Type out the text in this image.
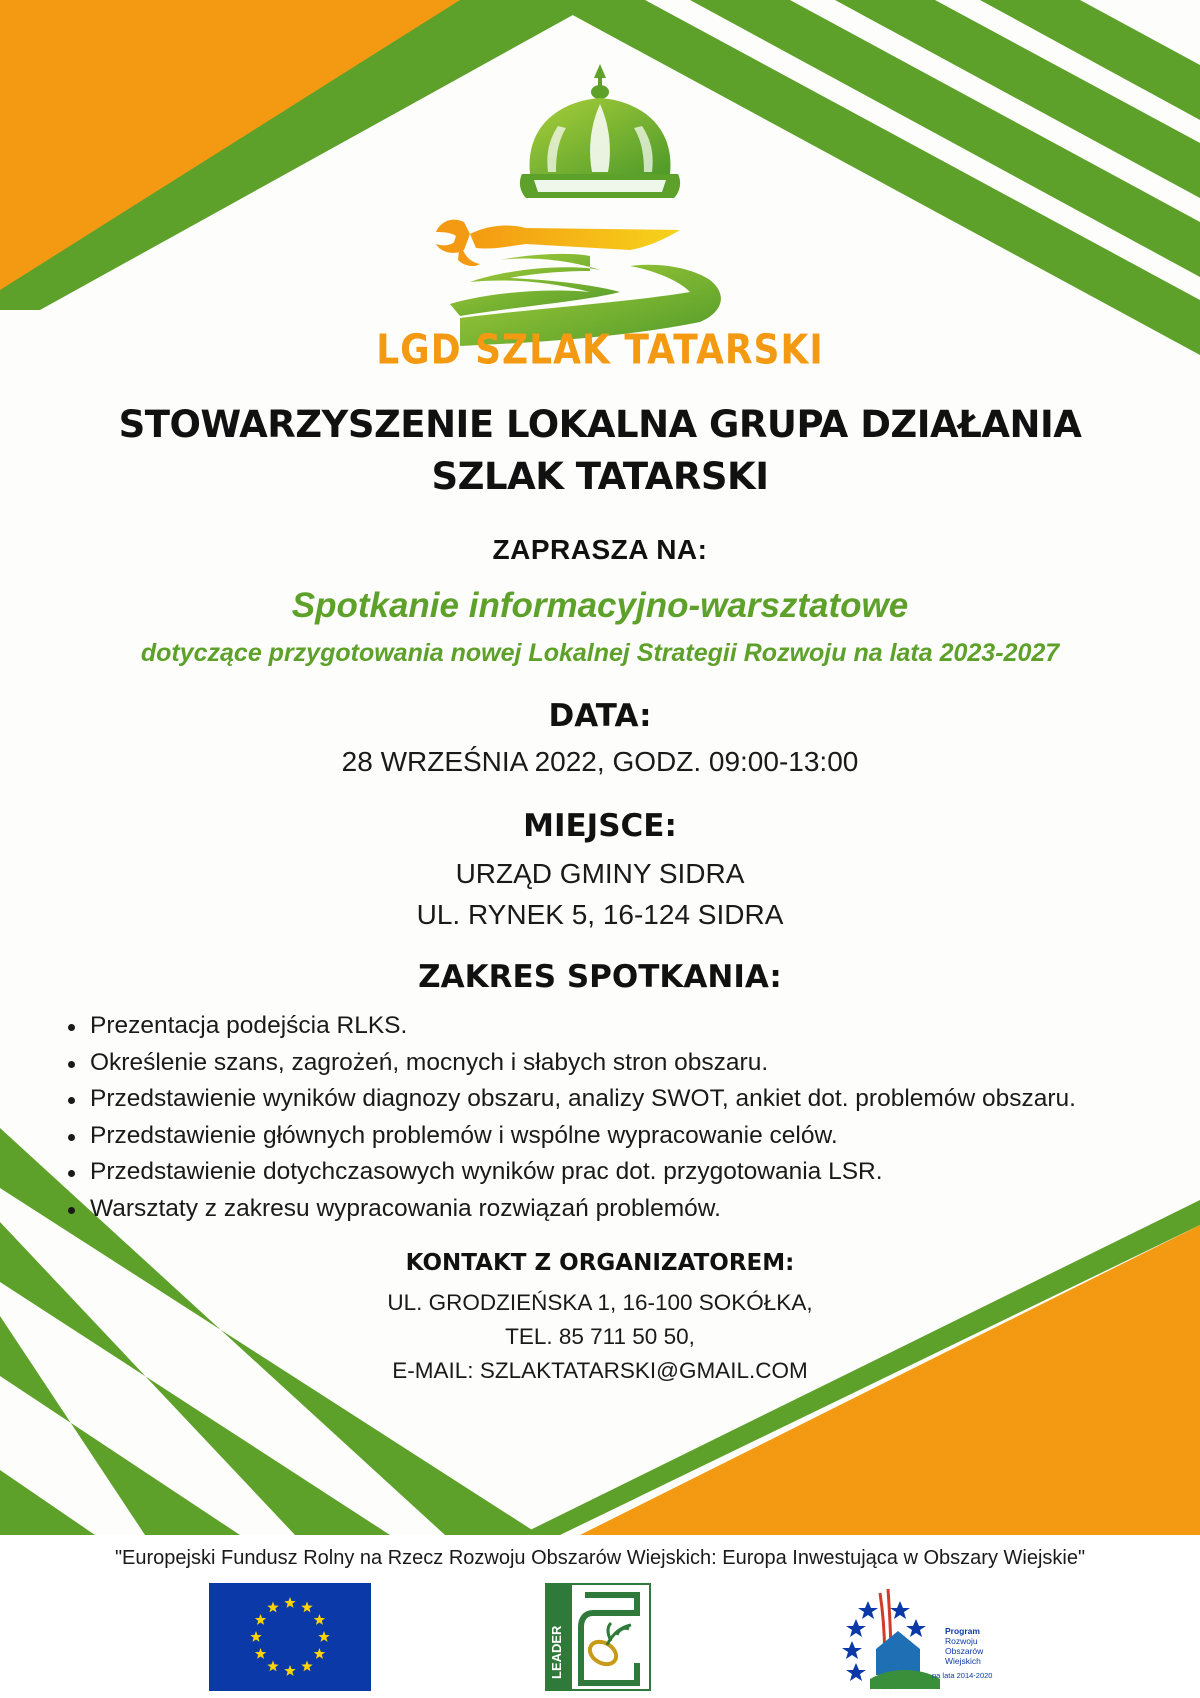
LGD SZLAK TATARSKI
STOWARZYSZENIE LOKALNA GRUPA DZIAŁANIA
SZLAK TATARSKI
ZAPRASZA NA:
Spotkanie informacyjno-warsztatowe
dotyczące przygotowania nowej Lokalnej Strategii Rozwoju na lata 2023-2027
DATA:
28 WRZEŚNIA 2022, GODZ. 09:00-13:00
MIEJSCE:
URZĄD GMINY SIDRA
UL. RYNEK 5, 16-124 SIDRA
ZAKRES SPOTKANIA:
Prezentacja podejścia RLKS.
Określenie szans, zagrożeń, mocnych i słabych stron obszaru.
Przedstawienie wyników diagnozy obszaru, analizy SWOT, ankiet dot. problemów obszaru.
Przedstawienie głównych problemów i wspólne wypracowanie celów.
Przedstawienie dotychczasowych wyników prac dot. przygotowania LSR.
Warsztaty z zakresu wypracowania rozwiązań problemów.
KONTAKT Z ORGANIZATOREM:
UL. GRODZIEŃSKA 1, 16-100 SOKÓŁKA,
TEL. 85 711 50 50,
E-MAIL: SZLAKTATARSKI@GMAIL.COM
"Europejski Fundusz Rolny na Rzecz Rozwoju Obszarów Wiejskich: Europa Inwestująca w Obszary Wiejskie"
LEADER	Program
Rozwoju
Obszarów
Wiejskich
na lata 2014-2020
